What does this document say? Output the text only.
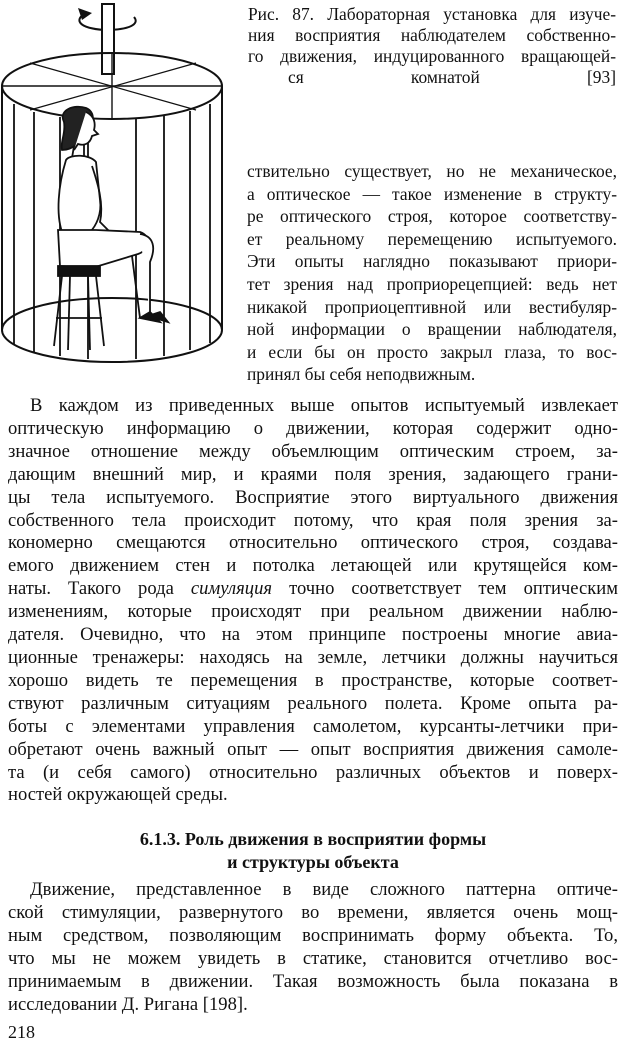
Рис. 87. Лабораторная установка для изуче-
ния восприятия наблюдателем собственно-
го движения, индуцированного вращающей-
ся комнатой [93]
ствительно существует, но не механическое,
а оптическое — такое изменение в структу-
ре оптического строя, которое соответству-
ет реальному перемещению испытуемого.
Эти опыты наглядно показывают приори-
тет зрения над проприорецепцией: ведь нет
никакой проприоцептивной или вестибуляр-
ной информации о вращении наблюдателя,
и если бы он просто закрыл глаза, то вос-
принял бы себя неподвижным.
В каждом из приведенных выше опытов испытуемый извлекает
оптическую информацию о движении, которая содержит одно-
значное отношение между объемлющим оптическим строем, за-
дающим внешний мир, и краями поля зрения, задающего грани-
цы тела испытуемого. Восприятие этого виртуального движения
собственного тела происходит потому, что края поля зрения за-
кономерно смещаются относительно оптического строя, создава-
емого движением стен и потолка летающей или крутящейся ком-
наты. Такого рода симуляция точно соответствует тем оптическим
изменениям, которые происходят при реальном движении наблю-
дателя. Очевидно, что на этом принципе построены многие авиа-
ционные тренажеры: находясь на земле, летчики должны научиться
хорошо видеть те перемещения в пространстве, которые соответ-
ствуют различным ситуациям реального полета. Кроме опыта ра-
боты с элементами управления самолетом, курсанты-летчики при-
обретают очень важный опыт — опыт восприятия движения самоле-
та (и себя самого) относительно различных объектов и поверх-
ностей окружающей среды.
6.1.3. Роль движения в восприятии формы
и структуры объекта
Движение, представленное в виде сложного паттерна оптиче-
ской стимуляции, развернутого во времени, является очень мощ-
ным средством, позволяющим воспринимать форму объекта. То,
что мы не можем увидеть в статике, становится отчетливо вос-
принимаемым в движении. Такая возможность была показана в
исследовании Д. Ригана [198].
218
